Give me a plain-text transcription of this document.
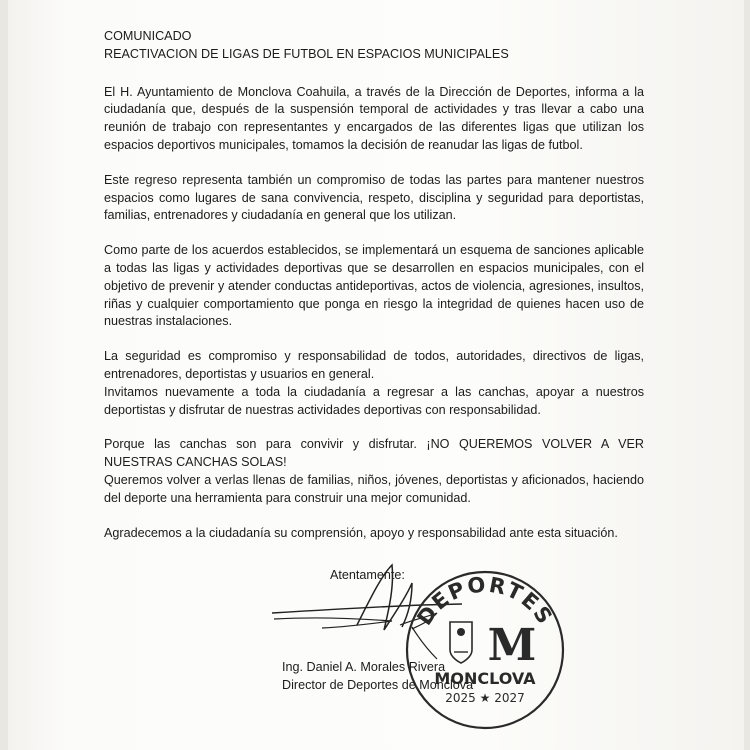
COMUNICADO

REACTIVACION DE LIGAS DE FUTBOL EN ESPACIOS MUNICIPALES

El H. Ayuntamiento de Monclova Coahuila, a través de la Dirección de Deportes, informa a la ciudadanía que, después de la suspensión temporal de actividades y tras llevar a cabo una reunión de trabajo con representantes y encargados de las diferentes ligas que utilizan los espacios deportivos municipales, tomamos la decisión de reanudar las ligas de futbol.

Este regreso representa también un compromiso de todas las partes para mantener nuestros espacios como lugares de sana convivencia, respeto, disciplina y seguridad para deportistas, familias, entrenadores y ciudadanía en general que los utilizan.

Como parte de los acuerdos establecidos, se implementará un esquema de sanciones aplicable a todas las ligas y actividades deportivas que se desarrollen en espacios municipales, con el objetivo de prevenir y atender conductas antideportivas, actos de violencia, agresiones, insultos, riñas y cualquier comportamiento que ponga en riesgo la integridad de quienes hacen uso de nuestras instalaciones.

La seguridad es compromiso y responsabilidad de todos, autoridades, directivos de ligas, entrenadores, deportistas y usuarios en general.

Invitamos nuevamente a toda la ciudadanía a regresar a las canchas, apoyar a nuestros deportistas y disfrutar de nuestras actividades deportivas con responsabilidad.

Porque las canchas son para convivir y disfrutar. ¡NO QUEREMOS VOLVER A VER NUESTRAS CANCHAS SOLAS!

Queremos volver a verlas llenas de familias, niños, jóvenes, deportistas y aficionados, haciendo del deporte una herramienta para construir una mejor comunidad.

Agradecemos a la ciudadanía su comprensión, apoyo y responsabilidad ante esta situación.

Atentamente:
DEPORTES
M
MONCLOVA
2025 ★ 2027
Ing. Daniel A. Morales Rivera
Director de Deportes de Monclova
